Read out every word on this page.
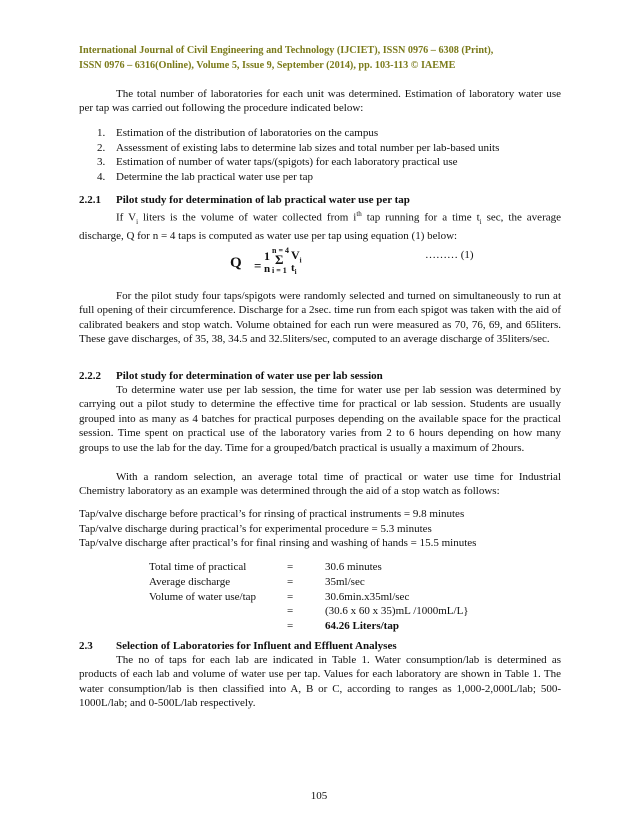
International Journal of Civil Engineering and Technology (IJCIET), ISSN 0976 – 6308 (Print),
ISSN 0976 – 6316(Online), Volume 5, Issue 9, September (2014), pp. 103-113 © IAEME
The total number of laboratories for each unit was determined. Estimation of laboratory water use per tap was carried out following the procedure indicated below:
1. Estimation of the distribution of laboratories on the campus
2. Assessment of existing labs to determine lab sizes and total number per lab-based units
3. Estimation of number of water taps/(spigots) for each laboratory practical use
4. Determine the lab practical water use per tap
2.2.1 Pilot study for determination of lab practical water use per tap
If $V_i$ liters is the volume of water collected from $i^{th}$ tap running for a time $t_i$ sec, the average discharge, Q for n = 4 taps is computed as water use per tap using equation (1) below:
Q =
1
n
n = 4
Σ
i = 1
$V_i$
$t_i$
……… (1)
For the pilot study four taps/spigots were randomly selected and turned on simultaneously to run at full opening of their circumference. Discharge for a 2sec. time run from each spigot was taken with the aid of calibrated beakers and stop watch. Volume obtained for each run were measured as 70, 76, 69, and 65liters. These gave discharges, of 35, 38, 34.5 and 32.5liters/sec, computed to an average discharge of 35liters/sec.
2.2.2 Pilot study for determination of water use per lab session
To determine water use per lab session, the time for water use per lab session was determined by carrying out a pilot study to determine the effective time for practical or lab session. Students are usually grouped into as many as 4 batches for practical purposes depending on the available space for the practical session. Time spent on practical use of the laboratory varies from 2 to 6 hours depending on how many groups to use the lab for the day. Time for a grouped/batch practical is usually a maximum of 2hours.
With a random selection, an average total time of practical or water use time for Industrial Chemistry laboratory as an example was determined through the aid of a stop watch as follows:
Tap/valve discharge before practical’s for rinsing of practical instruments = 9.8 minutes
Tap/valve discharge during practical’s for experimental procedure = 5.3 minutes
Tap/valve discharge after practical’s for final rinsing and washing of hands = 15.5 minutes
Total time of practical	=	30.6 minutes
Average discharge	=	35ml/sec
Volume of water use/tap	=	30.6min.x35ml/sec
=	(30.6 x 60 x 35)mL /1000mL/L}
=	64.26 Liters/tap
2.3 Selection of Laboratories for Influent and Effluent Analyses
The no of taps for each lab are indicated in Table 1. Water consumption/lab is determined as products of each lab and volume of water use per tap. Values for each laboratory are shown in Table 1. The water consumption/lab is then classified into A, B or C, according to ranges as 1,000-2,000L/lab; 500-1000L/lab; and 0-500L/lab respectively.
105
